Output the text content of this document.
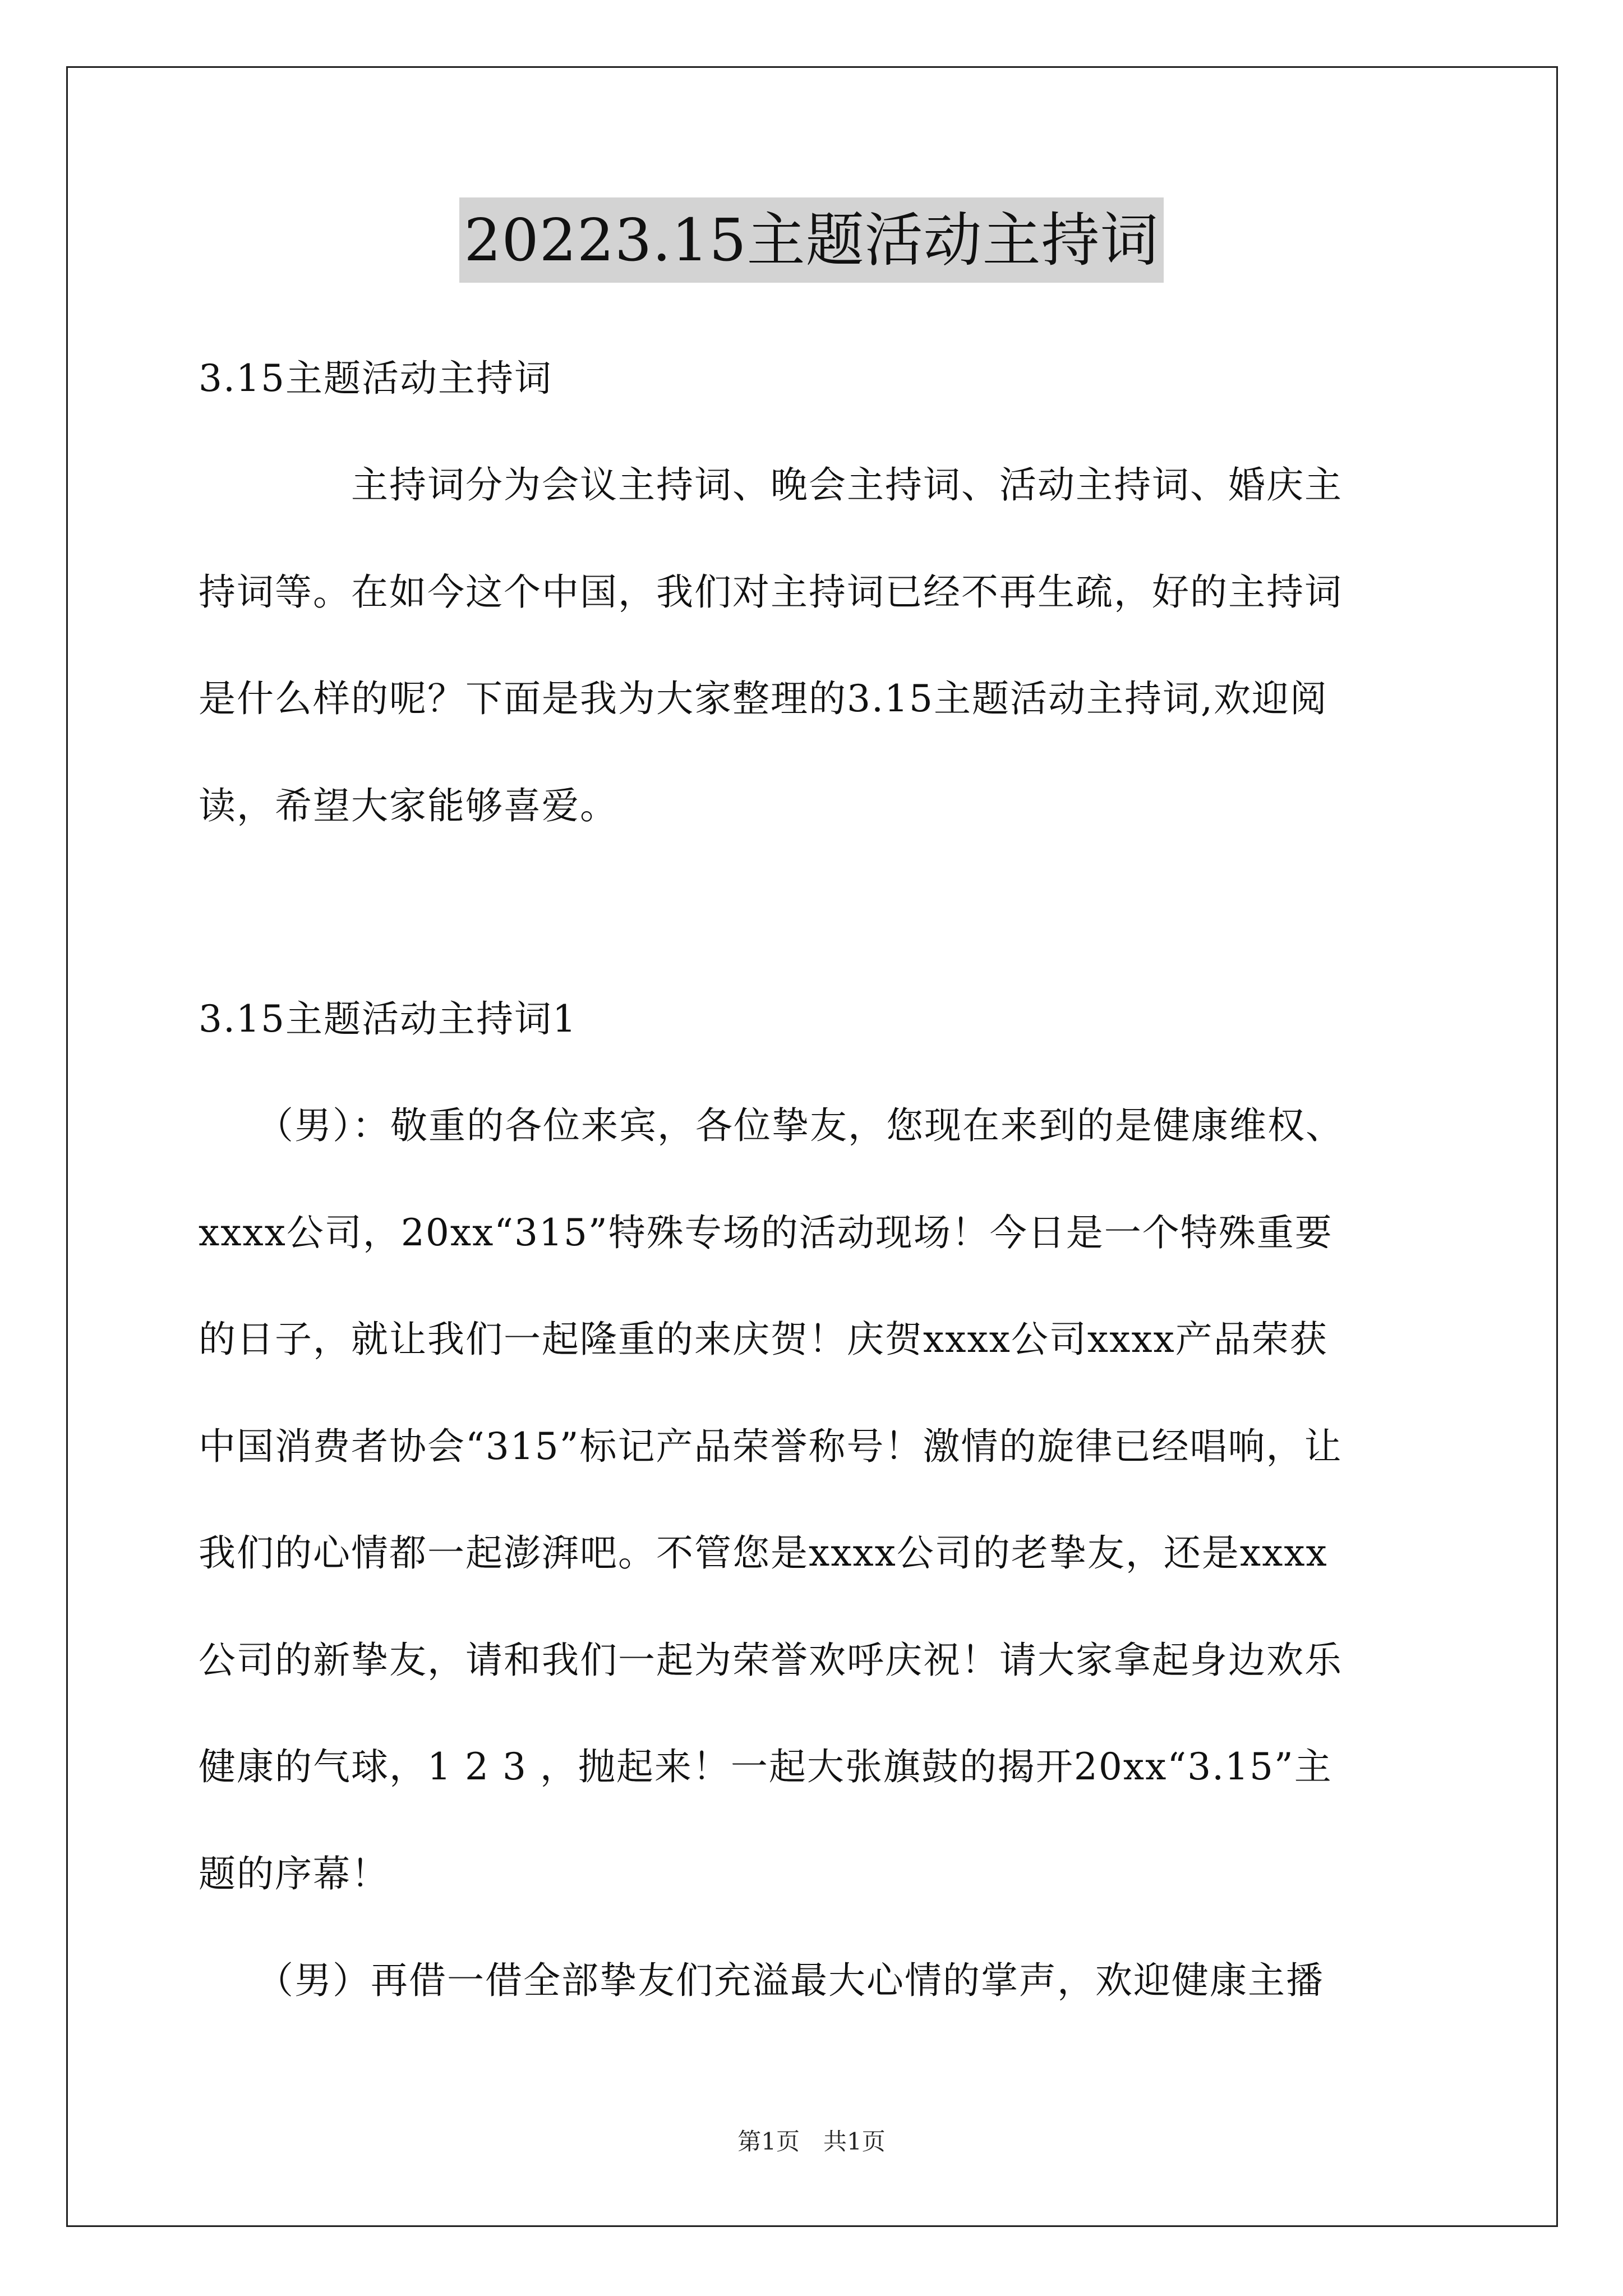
20223.15主题活动主持词
3.15主题活动主持词
　　　　主持词分为会议主持词、晚会主持词、活动主持词、婚庆主
持词等。在如今这个中国，我们对主持词已经不再生疏，好的主持词
是什么样的呢？下面是我为大家整理的3.15主题活动主持词,欢迎阅
读，希望大家能够喜爱。
3.15主题活动主持词1
　　（男）：敬重的各位来宾，各位挚友，您现在来到的是健康维权、
xxxx公司，20xx“315”特殊专场的活动现场！今日是一个特殊重要
的日子，就让我们一起隆重的来庆贺！庆贺xxxx公司xxxx产品荣获
中国消费者协会“315”标记产品荣誉称号！激情的旋律已经唱响，让
我们的心情都一起澎湃吧。不管您是xxxx公司的老挚友，还是xxxx
公司的新挚友，请和我们一起为荣誉欢呼庆祝！请大家拿起身边欢乐
健康的气球，1 2 3 ，抛起来！一起大张旗鼓的揭开20xx“3.15”主
题的序幕！
　　（男）再借一借全部挚友们充溢最大心情的掌声，欢迎健康主播
第1页　共1页
